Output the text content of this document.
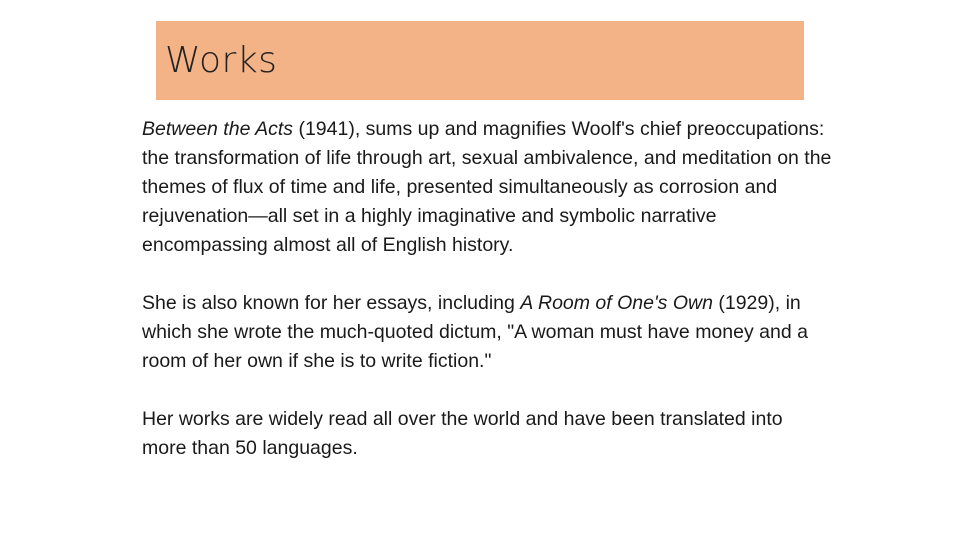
Works

Between the Acts (1941), sums up and magnifies Woolf's chief preoccupations: the transformation of life through art, sexual ambivalence, and meditation on the themes of flux of time and life, presented simultaneously as corrosion and rejuvenation—all set in a highly imaginative and symbolic narrative encompassing almost all of English history.

She is also known for her essays, including A Room of One's Own (1929), in which she wrote the much-quoted dictum, "A woman must have money and a room of her own if she is to write fiction."

Her works are widely read all over the world and have been translated into more than 50 languages.
